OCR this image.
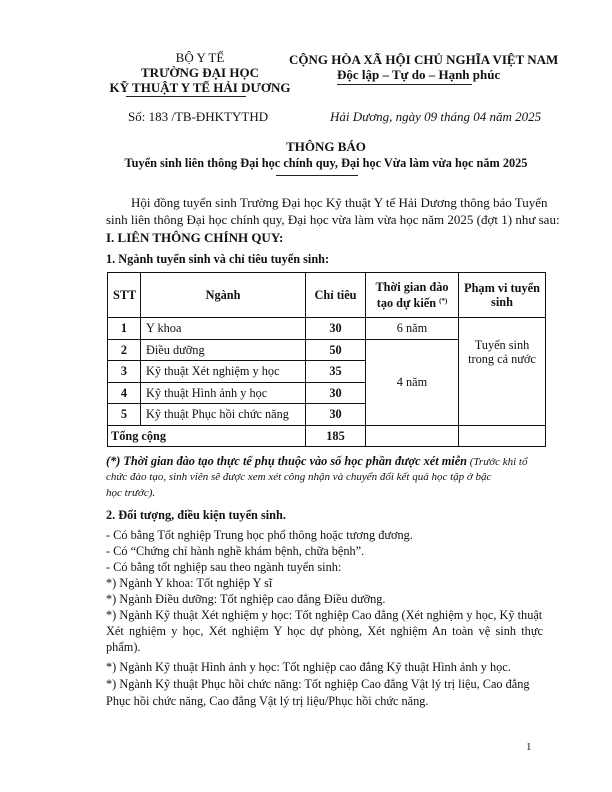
BỘ Y TẾ
TRƯỜNG ĐẠI HỌC
KỸ THUẬT Y TẾ HẢI DƯƠNG
CỘNG HÒA XÃ HỘI CHỦ NGHĨA VIỆT NAM
Độc lập – Tự do – Hạnh phúc
Số: 183 /TB-ĐHKTYTHD	Hải Dương, ngày 09 tháng 04 năm 2025
THÔNG BÁO
Tuyển sinh liên thông Đại học chính quy, Đại học Vừa làm vừa học năm 2025
Hội đồng tuyển sinh Trường Đại học Kỹ thuật Y tế Hải Dương thông báo Tuyển
sinh liên thông Đại học chính quy, Đại học vừa làm vừa học năm 2025 (đợt 1) như sau:
I. LIÊN THÔNG CHÍNH QUY:
1. Ngành tuyển sinh và chỉ tiêu tuyển sinh:
STT	Ngành	Chỉ tiêu	Thời gian đào
tạo dự kiến (*)	Phạm vi tuyển
sinh
1	Y khoa	30	6 năm	Tuyển sinh
trong cả nước
2	Điều dưỡng	50	4 năm	
3	Kỹ thuật Xét nghiệm y học	35		
4	Kỹ thuật Hình ảnh y học	30		
5	Kỹ thuật Phục hồi chức năng	30		
Tổng cộng		185		
(*) Thời gian đào tạo thực tế phụ thuộc vào số học phần được xét miễn (Trước khi tổ
chức đào tạo, sinh viên sẽ được xem xét công nhận và chuyển đổi kết quả học tập ở bậc
học trước).
2. Đối tượng, điều kiện tuyển sinh.
- Có bằng Tốt nghiệp Trung học phổ thông hoặc tương đương.
- Có “Chứng chỉ hành nghề khám bệnh, chữa bệnh”.
- Có bằng tốt nghiệp sau theo ngành tuyển sinh:
*) Ngành Y khoa: Tốt nghiệp Y sĩ
*) Ngành Điều dưỡng: Tốt nghiệp cao đẳng Điều dưỡng.
*) Ngành Kỹ thuật Xét nghiệm y học: Tốt nghiệp Cao đẳng (Xét nghiệm y học, Kỹ thuật
Xét nghiệm y học, Xét nghiệm Y học dự phòng, Xét nghiệm An toàn vệ sinh thực
phẩm).
*) Ngành Kỹ thuật Hình ảnh y học: Tốt nghiệp cao đẳng Kỹ thuật Hình ảnh y học.
*) Ngành Kỹ thuật Phục hồi chức năng: Tốt nghiệp Cao đẳng Vật lý trị liệu, Cao đẳng
Phục hồi chức năng, Cao đẳng Vật lý trị liệu/Phục hồi chức năng.
1
